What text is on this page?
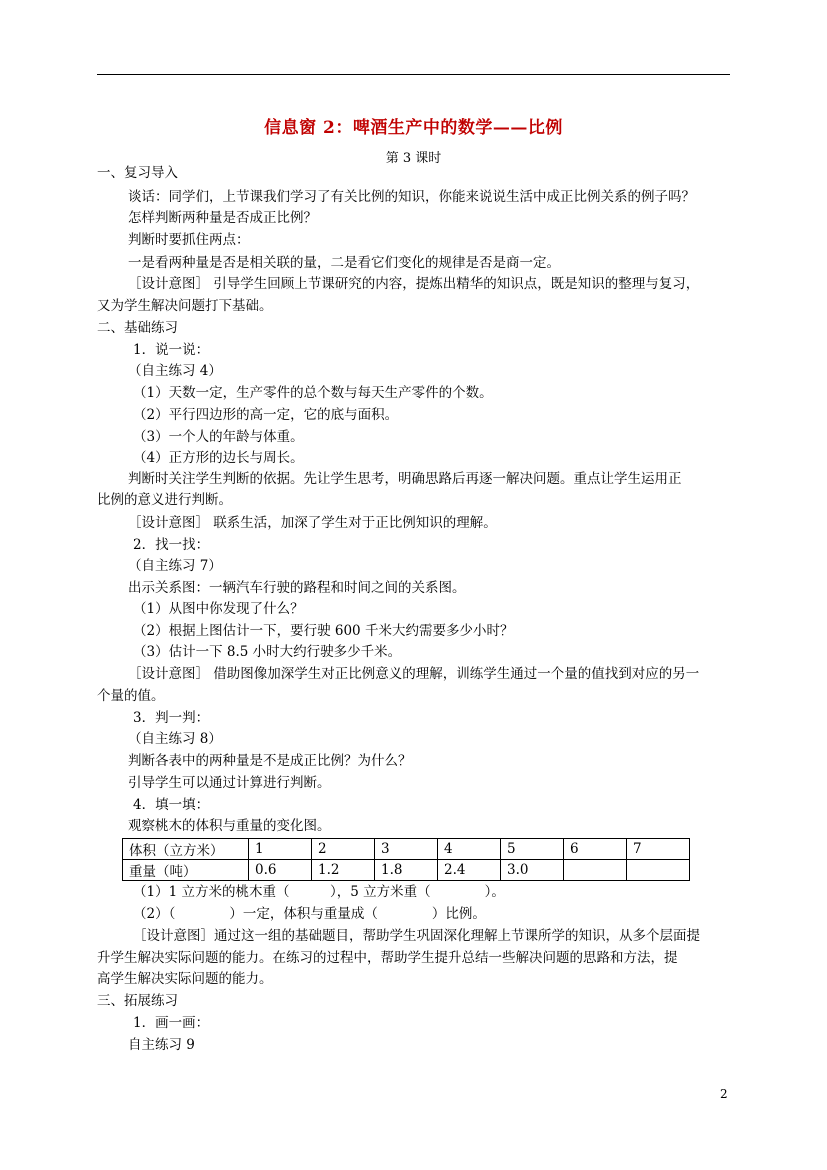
信息窗 2：啤酒生产中的数学——比例
第 3 课时
一、复习导入
谈话：同学们，上节课我们学习了有关比例的知识，你能来说说生活中成正比例关系的例子吗？
怎样判断两种量是否成正比例？
判断时要抓住两点：
一是看两种量是否是相关联的量，二是看它们变化的规律是否是商一定。
［设计意图］ 引导学生回顾上节课研究的内容，提炼出精华的知识点，既是知识的整理与复习，
又为学生解决问题打下基础。
二、基础练习
1．说一说：
（自主练习 4）
（1）天数一定，生产零件的总个数与每天生产零件的个数。
（2）平行四边形的高一定，它的底与面积。
（3）一个人的年龄与体重。
（4）正方形的边长与周长。
判断时关注学生判断的依据。先让学生思考，明确思路后再逐一解决问题。重点让学生运用正
比例的意义进行判断。
［设计意图］ 联系生活，加深了学生对于正比例知识的理解。
2．找一找：
（自主练习 7）
出示关系图：一辆汽车行驶的路程和时间之间的关系图。
（1）从图中你发现了什么？
（2）根据上图估计一下，要行驶 600 千米大约需要多少小时？
（3）估计一下 8.5 小时大约行驶多少千米。
［设计意图］ 借助图像加深学生对正比例意义的理解，训练学生通过一个量的值找到对应的另一
个量的值。
3．判一判：
（自主练习 8）
判断各表中的两种量是不是成正比例？为什么？
引导学生可以通过计算进行判断。
4．填一填：
观察桃木的体积与重量的变化图。
体积（立方米）	1	2	3	4	5	6	7
重量（吨）	0.6	1.2	1.8	2.4	3.0		
（1）1 立方米的桃木重（　　　），5 立方米重（　　　　）。
（2）（　　　　）一定，体积与重量成（　　　　）比例。
［设计意图］通过这一组的基础题目，帮助学生巩固深化理解上节课所学的知识，从多个层面提
升学生解决实际问题的能力。在练习的过程中，帮助学生提升总结一些解决问题的思路和方法，提
高学生解决实际问题的能力。
三、拓展练习
1．画一画：
自主练习 9
2
